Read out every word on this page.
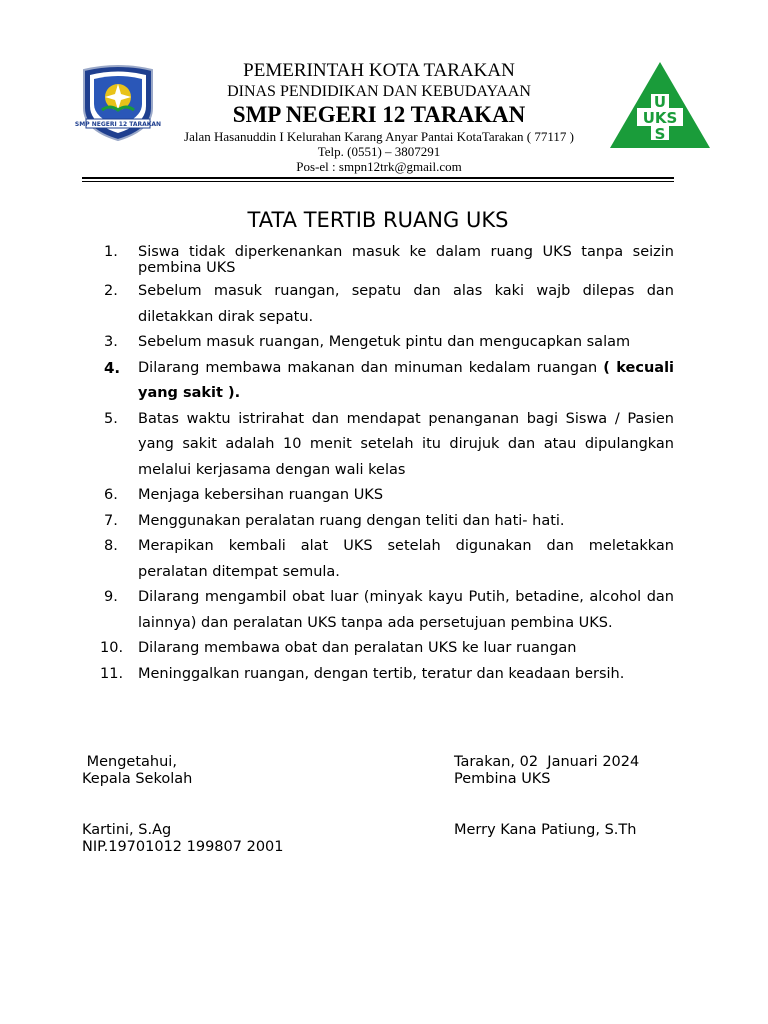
SMP NEGERI 12 TARAKAN
PEMERINTAH KOTA TARAKAN
DINAS PENDIDIKAN DAN KEBUDAYAAN
SMP NEGERI 12 TARAKAN
Jalan Hasanuddin I Kelurahan Karang Anyar Pantai KotaTarakan ( 77117 )
Telp. (0551) – 3807291
Pos-el : smpn12trk@gmail.com
U
UKS
S
TATA TERTIB RUANG UKS
1. Siswa tidak diperkenankan masuk ke dalam ruang UKS tanpa seizin pembina UKS
2. Sebelum masuk ruangan, sepatu dan alas kaki wajb dilepas dan diletakkan dirak sepatu.
3. Sebelum masuk ruangan, Mengetuk pintu dan mengucapkan salam
4. Dilarang membawa makanan dan minuman kedalam ruangan ( kecuali yang sakit ).
5. Batas waktu istrirahat dan mendapat penanganan bagi Siswa / Pasien yang sakit adalah 10 menit setelah itu dirujuk dan atau dipulangkan melalui kerjasama dengan wali kelas
6. Menjaga kebersihan ruangan UKS
7. Menggunakan peralatan ruang dengan teliti dan hati- hati.
8. Merapikan kembali alat UKS setelah digunakan dan meletakkan peralatan ditempat semula.
9. Dilarang mengambil obat luar (minyak kayu Putih, betadine, alcohol dan lainnya) dan peralatan UKS tanpa ada persetujuan pembina UKS.
10. Dilarang membawa obat dan peralatan UKS ke luar ruangan
11. Meninggalkan ruangan, dengan tertib, teratur dan keadaan bersih.
Mengetahui,
Kepala Sekolah
Kartini, S.Ag
NIP.19701012 199807 2001
Tarakan, 02  Januari 2024
Pembina UKS
Merry Kana Patiung, S.Th
